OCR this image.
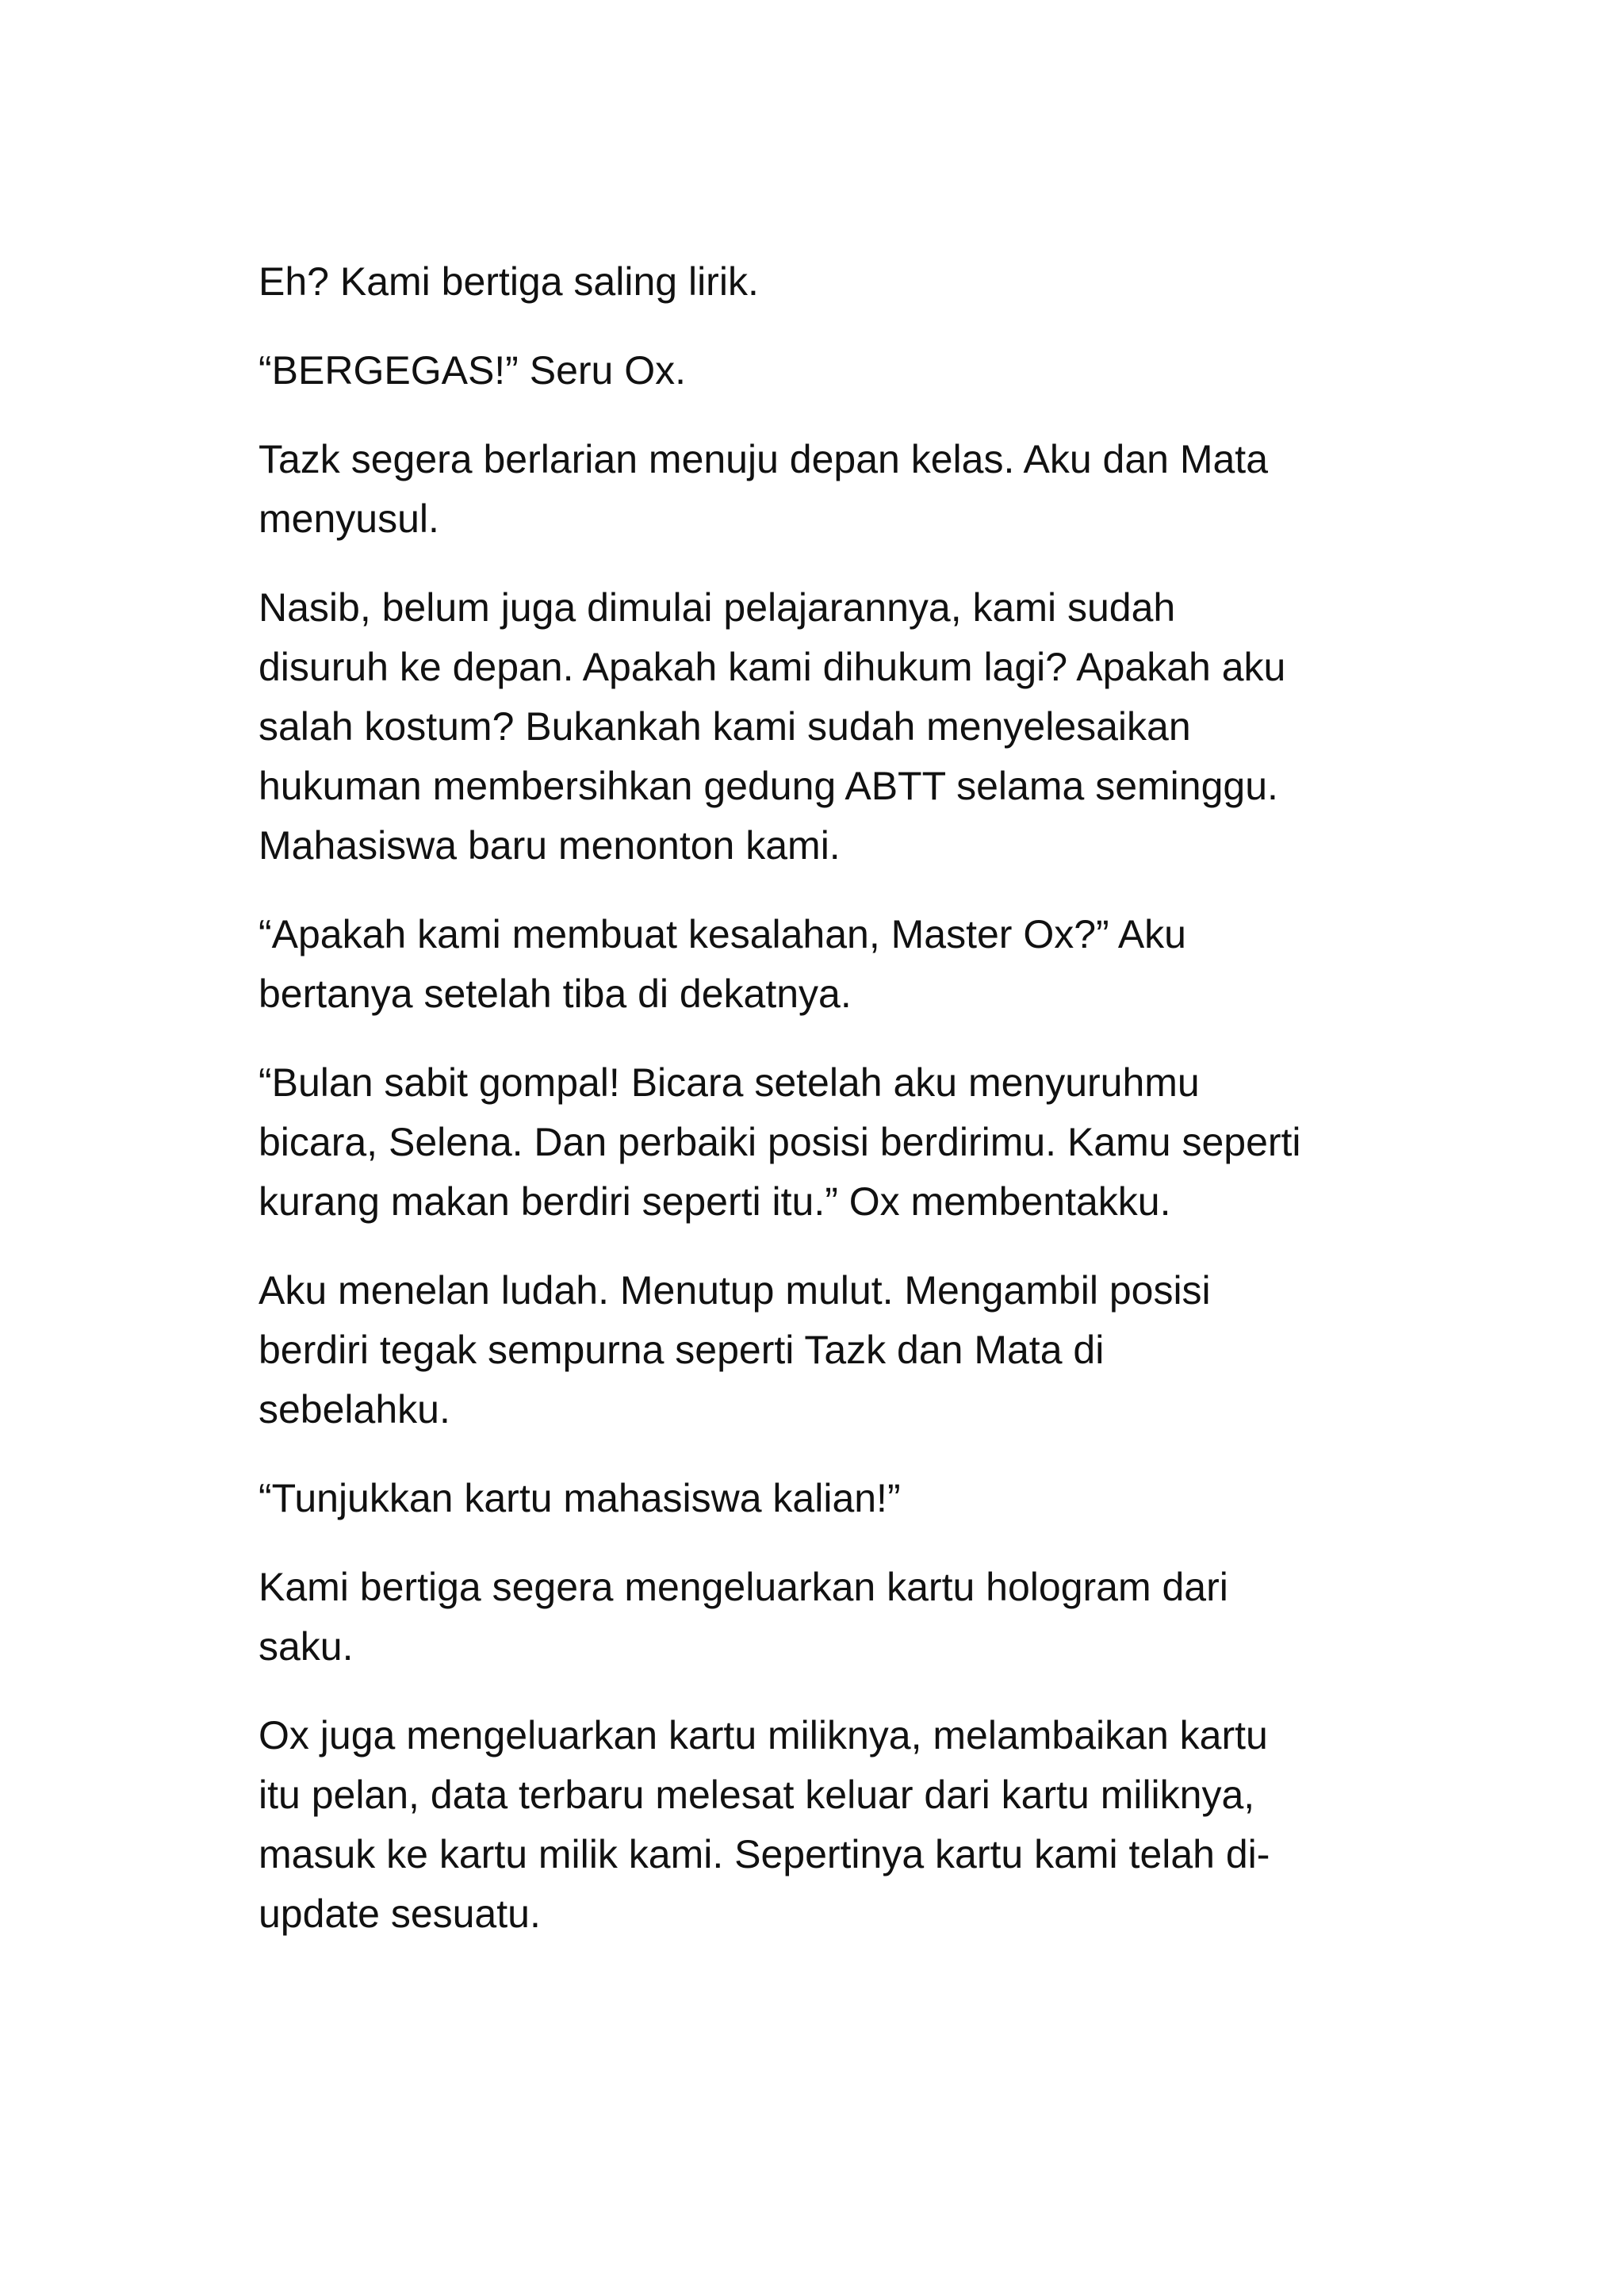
Eh? Kami bertiga saling lirik.

“BERGEGAS!” Seru Ox.

Tazk segera berlarian menuju depan kelas. Aku dan Mata
menyusul.

Nasib, belum juga dimulai pelajarannya, kami sudah
disuruh ke depan. Apakah kami dihukum lagi? Apakah aku
salah kostum? Bukankah kami sudah menyelesaikan
hukuman membersihkan gedung ABTT selama seminggu.
Mahasiswa baru menonton kami.

“Apakah kami membuat kesalahan, Master Ox?” Aku
bertanya setelah tiba di dekatnya.

“Bulan sabit gompal! Bicara setelah aku menyuruhmu
bicara, Selena. Dan perbaiki posisi berdirimu. Kamu seperti
kurang makan berdiri seperti itu.” Ox membentakku.

Aku menelan ludah. Menutup mulut. Mengambil posisi
berdiri tegak sempurna seperti Tazk dan Mata di
sebelahku.

“Tunjukkan kartu mahasiswa kalian!”

Kami bertiga segera mengeluarkan kartu hologram dari
saku.

Ox juga mengeluarkan kartu miliknya, melambaikan kartu
itu pelan, data terbaru melesat keluar dari kartu miliknya,
masuk ke kartu milik kami. Sepertinya kartu kami telah di-
update sesuatu.
